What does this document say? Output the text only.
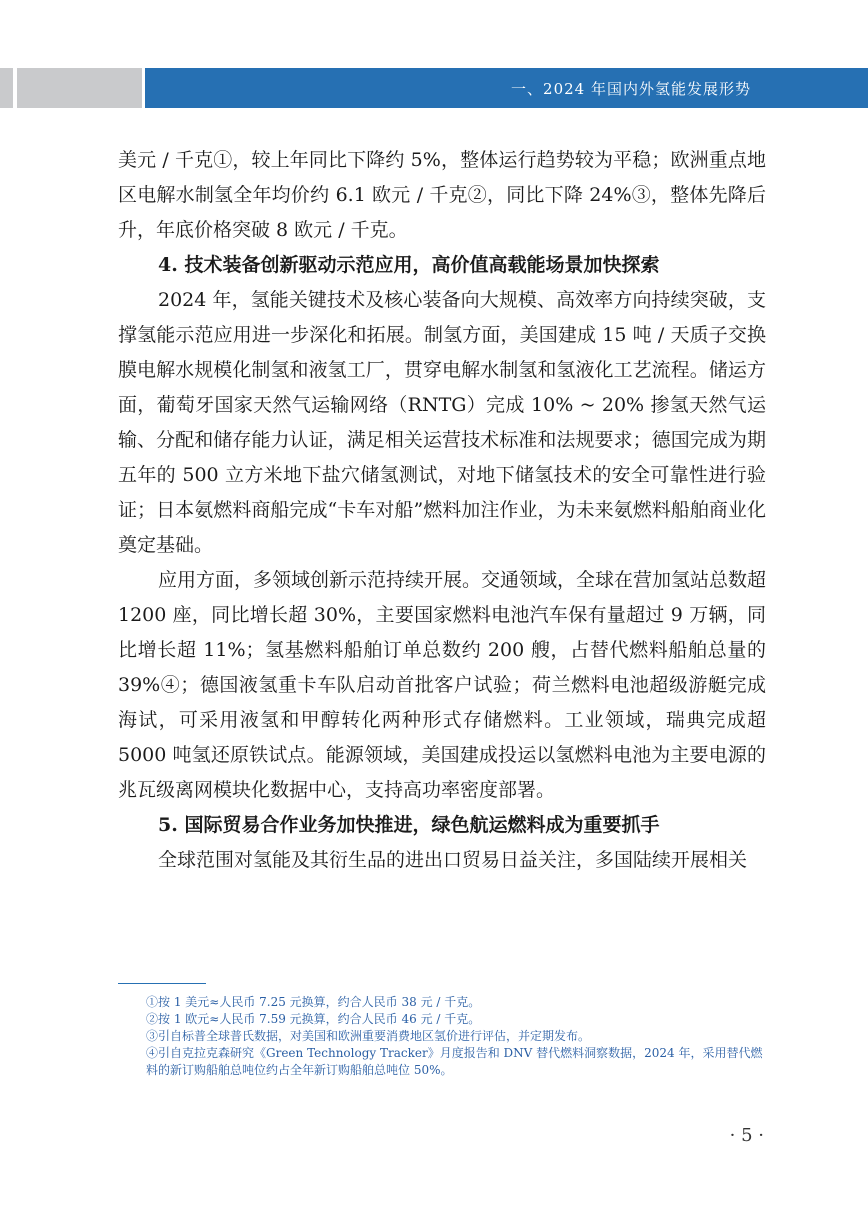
一、2024 年国内外氢能发展形势

美元 / 千克①，较上年同比下降约 5%，整体运行趋势较为平稳；欧洲重点地区电解水制氢全年均价约 6.1 欧元 / 千克②，同比下降 24%③，整体先降后升，年底价格突破 8 欧元 / 千克。

4. 技术装备创新驱动示范应用，高价值高载能场景加快探索

2024 年，氢能关键技术及核心装备向大规模、高效率方向持续突破，支撑氢能示范应用进一步深化和拓展。制氢方面，美国建成 15 吨 / 天质子交换膜电解水规模化制氢和液氢工厂，贯穿电解水制氢和氢液化工艺流程。储运方面，葡萄牙国家天然气运输网络（RNTG）完成 10% ~ 20% 掺氢天然气运输、分配和储存能力认证，满足相关运营技术标准和法规要求；德国完成为期五年的 500 立方米地下盐穴储氢测试，对地下储氢技术的安全可靠性进行验证；日本氨燃料商船完成“卡车对船”燃料加注作业，为未来氨燃料船舶商业化奠定基础。

应用方面，多领域创新示范持续开展。交通领域，全球在营加氢站总数超 1200 座，同比增长超 30%，主要国家燃料电池汽车保有量超过 9 万辆，同比增长超 11%；氢基燃料船舶订单总数约 200 艘，占替代燃料船舶总量的 39%④；德国液氢重卡车队启动首批客户试验；荷兰燃料电池超级游艇完成海试，可采用液氢和甲醇转化两种形式存储燃料。工业领域，瑞典完成超 5000 吨氢还原铁试点。能源领域，美国建成投运以氢燃料电池为主要电源的兆瓦级离网模块化数据中心，支持高功率密度部署。

5. 国际贸易合作业务加快推进，绿色航运燃料成为重要抓手

全球范围对氢能及其衍生品的进出口贸易日益关注，多国陆续开展相关

①按 1 美元≈人民币 7.25 元换算，约合人民币 38 元 / 千克。

②按 1 欧元≈人民币 7.59 元换算，约合人民币 46 元 / 千克。

③引自标普全球普氏数据，对美国和欧洲重要消费地区氢价进行评估，并定期发布。

④引自克拉克森研究《Green Technology Tracker》月度报告和 DNV 替代燃料洞察数据，2024 年，采用替代燃料的新订购船舶总吨位约占全年新订购船舶总吨位 50%。

· 5 ·
